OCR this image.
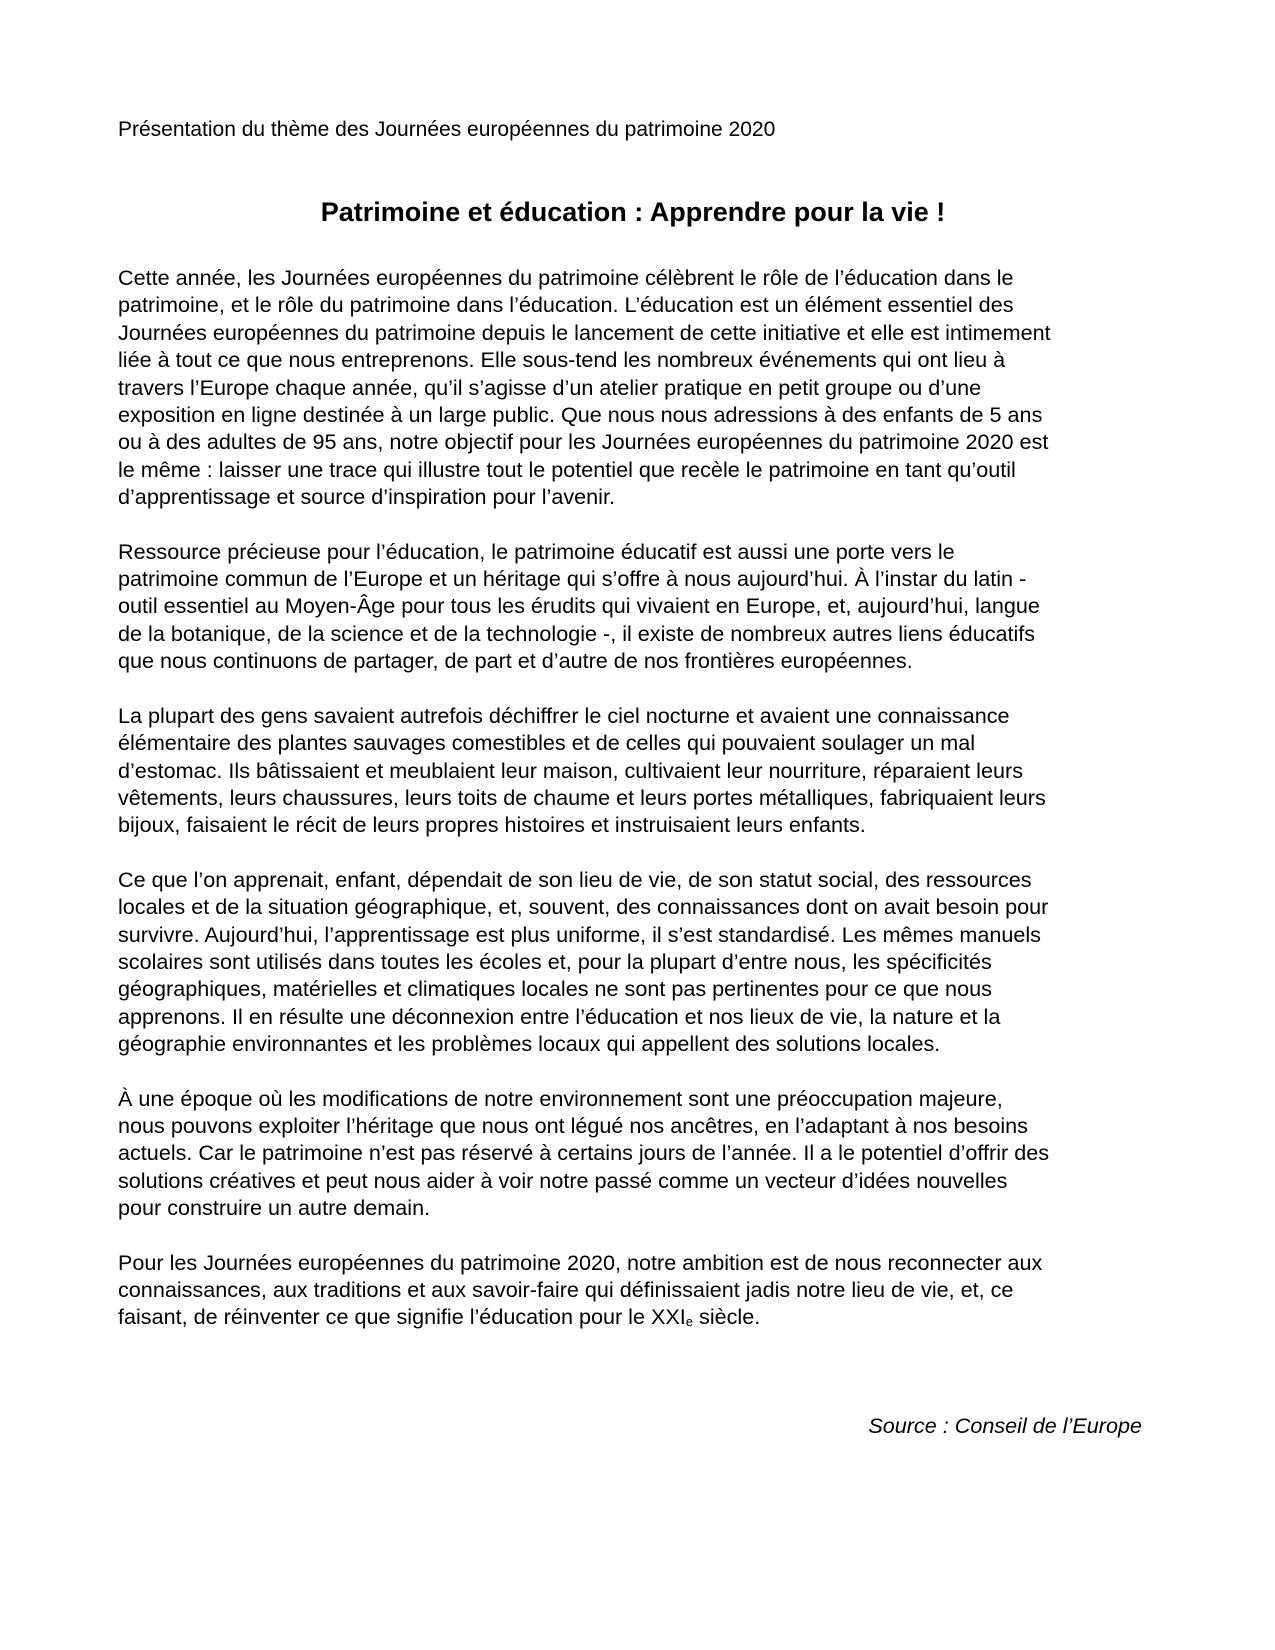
Présentation du thème des Journées européennes du patrimoine 2020
Patrimoine et éducation : Apprendre pour la vie !

Cette année, les Journées européennes du patrimoine célèbrent le rôle de l’éducation dans le
patrimoine, et le rôle du patrimoine dans l’éducation. L’éducation est un élément essentiel des
Journées européennes du patrimoine depuis le lancement de cette initiative et elle est intimement
liée à tout ce que nous entreprenons. Elle sous-tend les nombreux événements qui ont lieu à
travers l’Europe chaque année, qu’il s’agisse d’un atelier pratique en petit groupe ou d’une
exposition en ligne destinée à un large public. Que nous nous adressions à des enfants de 5 ans
ou à des adultes de 95 ans, notre objectif pour les Journées européennes du patrimoine 2020 est
le même : laisser une trace qui illustre tout le potentiel que recèle le patrimoine en tant qu’outil
d’apprentissage et source d’inspiration pour l’avenir.

Ressource précieuse pour l’éducation, le patrimoine éducatif est aussi une porte vers le
patrimoine commun de l’Europe et un héritage qui s’offre à nous aujourd’hui. À l’instar du latin -
outil essentiel au Moyen-Âge pour tous les érudits qui vivaient en Europe, et, aujourd’hui, langue
de la botanique, de la science et de la technologie -, il existe de nombreux autres liens éducatifs
que nous continuons de partager, de part et d’autre de nos frontières européennes.

La plupart des gens savaient autrefois déchiffrer le ciel nocturne et avaient une connaissance
élémentaire des plantes sauvages comestibles et de celles qui pouvaient soulager un mal
d’estomac. Ils bâtissaient et meublaient leur maison, cultivaient leur nourriture, réparaient leurs
vêtements, leurs chaussures, leurs toits de chaume et leurs portes métalliques, fabriquaient leurs
bijoux, faisaient le récit de leurs propres histoires et instruisaient leurs enfants.

Ce que l’on apprenait, enfant, dépendait de son lieu de vie, de son statut social, des ressources
locales et de la situation géographique, et, souvent, des connaissances dont on avait besoin pour
survivre. Aujourd’hui, l’apprentissage est plus uniforme, il s’est standardisé. Les mêmes manuels
scolaires sont utilisés dans toutes les écoles et, pour la plupart d’entre nous, les spécificités
géographiques, matérielles et climatiques locales ne sont pas pertinentes pour ce que nous
apprenons. Il en résulte une déconnexion entre l’éducation et nos lieux de vie, la nature et la
géographie environnantes et les problèmes locaux qui appellent des solutions locales.

À une époque où les modifications de notre environnement sont une préoccupation majeure,
nous pouvons exploiter l’héritage que nous ont légué nos ancêtres, en l’adaptant à nos besoins
actuels. Car le patrimoine n’est pas réservé à certains jours de l’année. Il a le potentiel d’offrir des
solutions créatives et peut nous aider à voir notre passé comme un vecteur d’idées nouvelles
pour construire un autre demain.

Pour les Journées européennes du patrimoine 2020, notre ambition est de nous reconnecter aux
connaissances, aux traditions et aux savoir-faire qui définissaient jadis notre lieu de vie, et, ce
faisant, de réinventer ce que signifie l’éducation pour le XXIe siècle.

Source : Conseil de l’Europe
